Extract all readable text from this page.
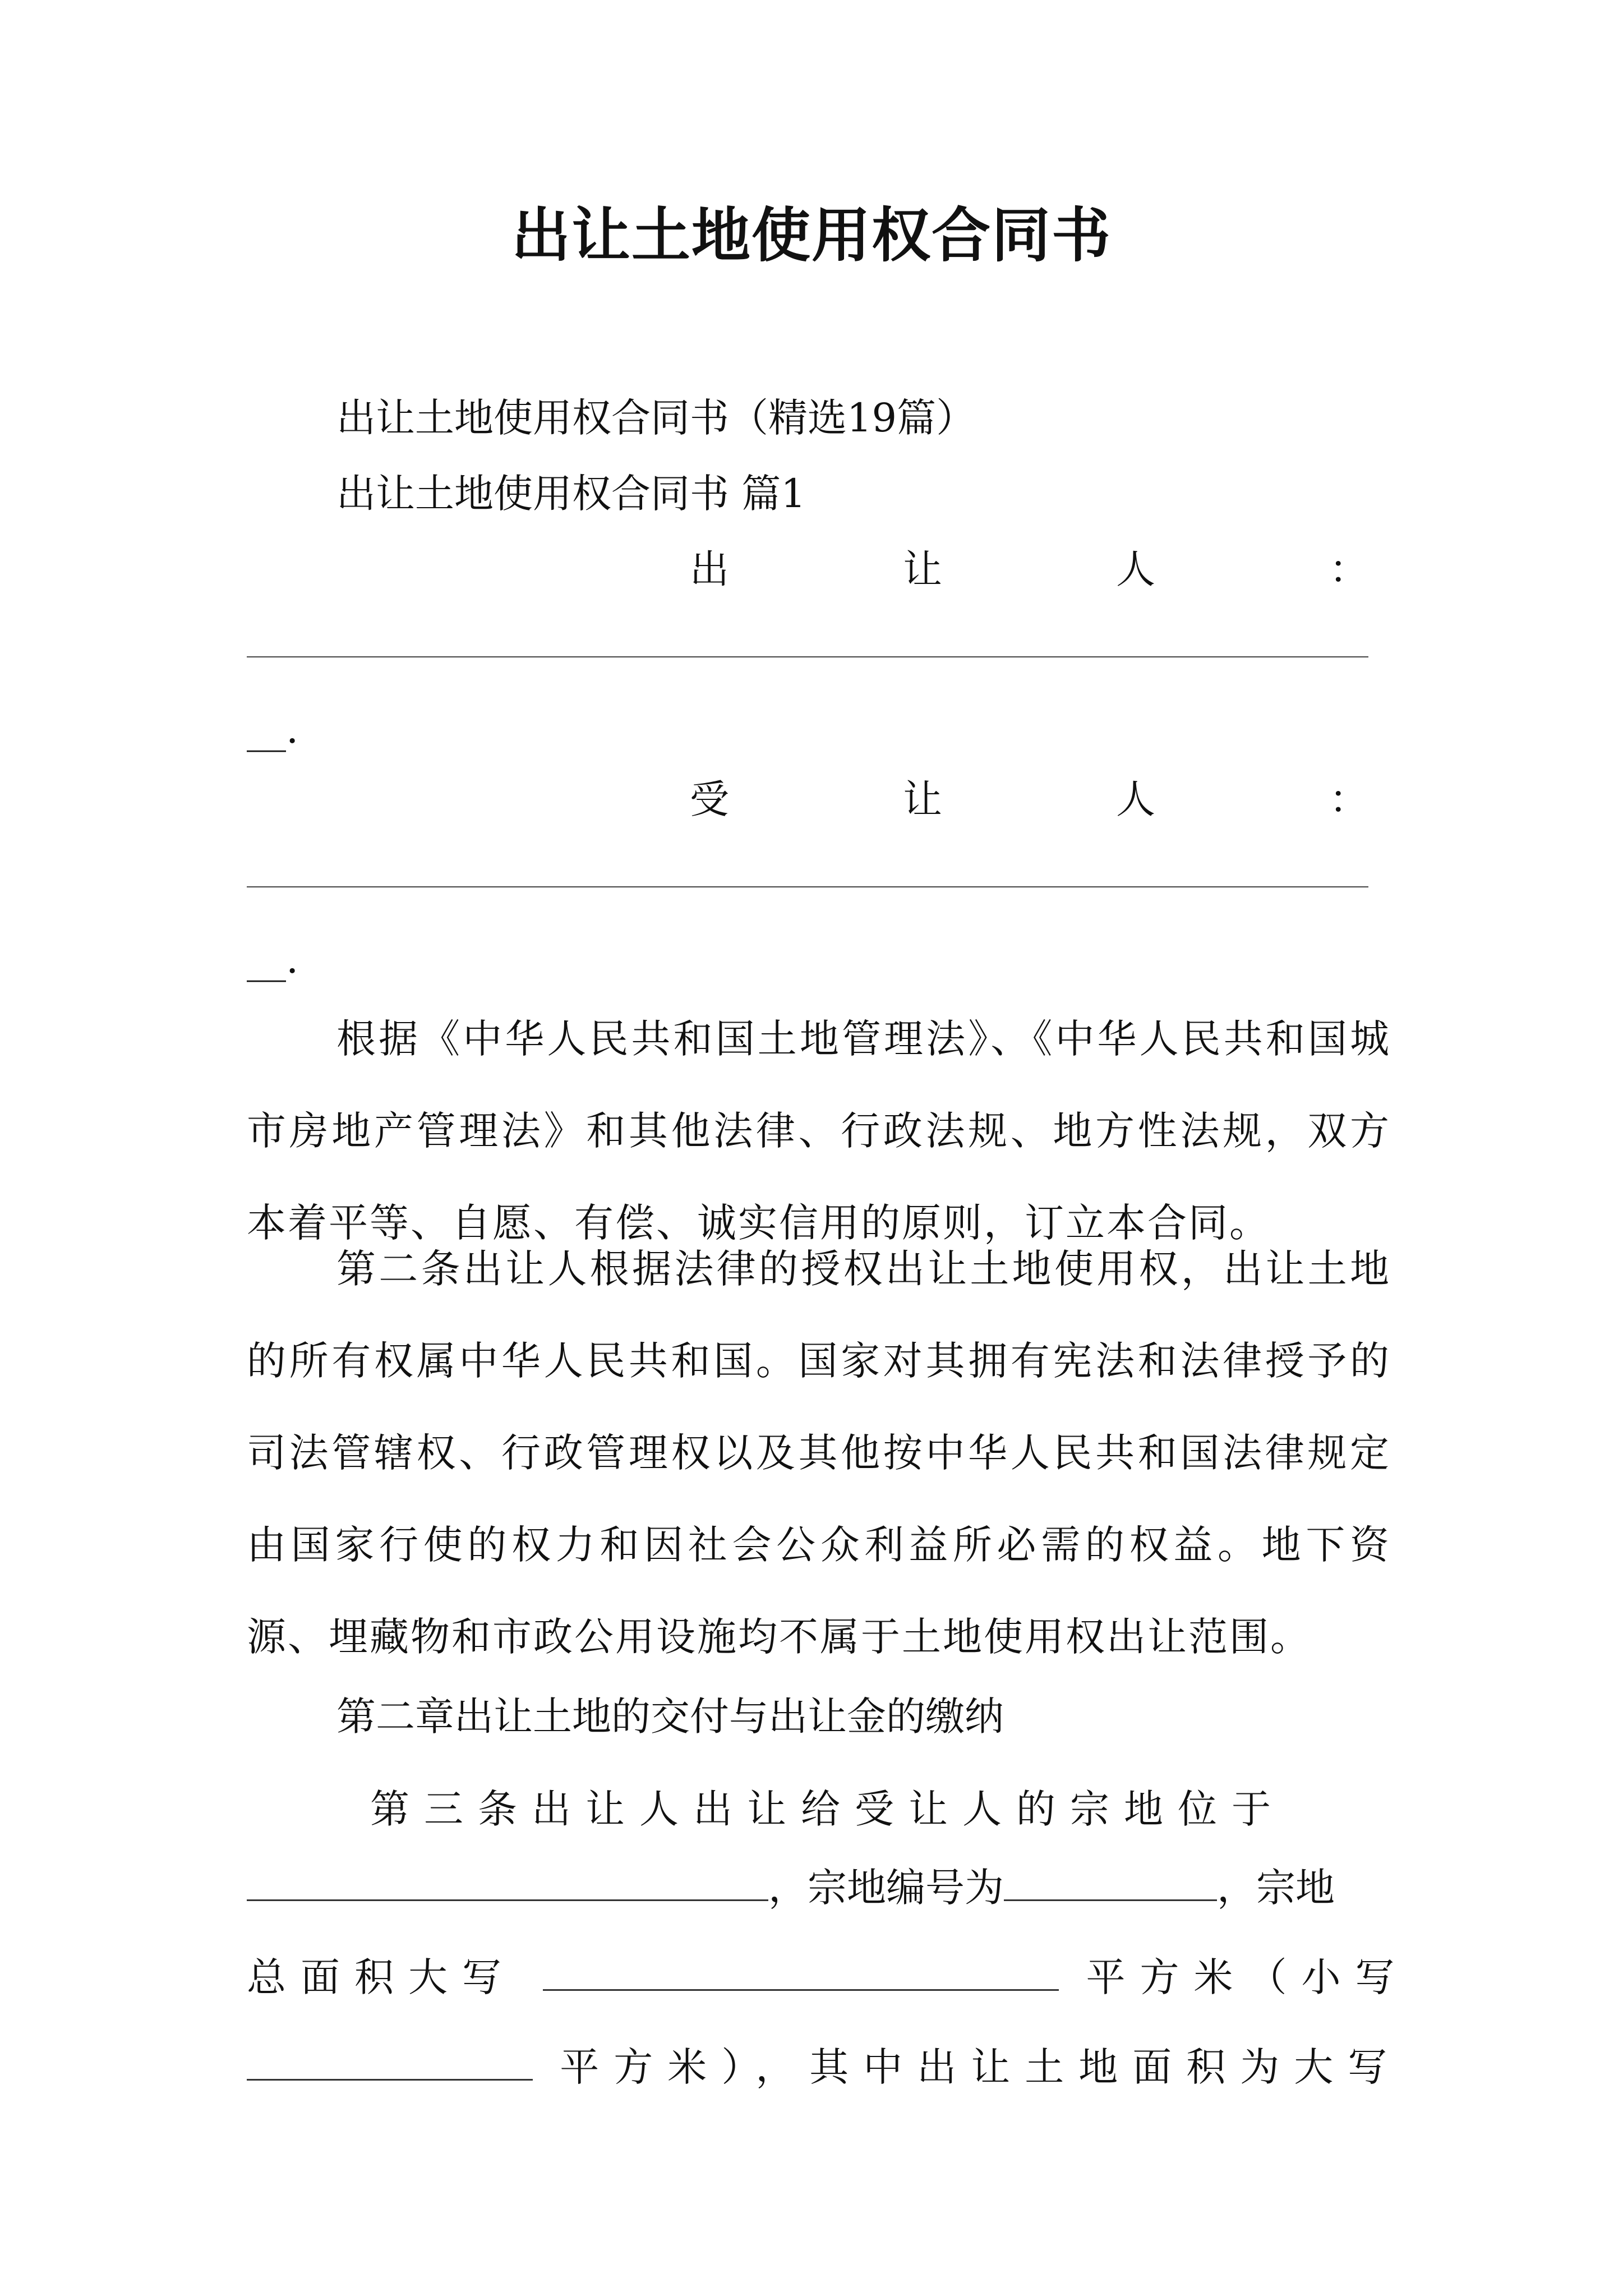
出让土地使用权合同书
出让土地使用权合同书（精选19篇）
出让土地使用权合同书 篇1
出	让	人	：
__.
受	让	人	：
__.
根据《中华人民共和国土地管理法》、《中华人民共和国城市房地产管理法》和其他法律、行政法规、地方性法规，双方本着平等、自愿、有偿、诚实信用的原则，订立本合同。
第二条出让人根据法律的授权出让土地使用权，出让土地的所有权属中华人民共和国。国家对其拥有宪法和法律授予的司法管辖权、行政管理权以及其他按中华人民共和国法律规定由国家行使的权力和因社会公众利益所必需的权益。地下资源、埋藏物和市政公用设施均不属于土地使用权出让范围。
第二章出让土地的交付与出让金的缴纳
第三条出让人出让给受让人的宗地位于
，宗地编号为	，宗地
总面积大写	平方米（小写
平方米），其中出让土地面积为大写
